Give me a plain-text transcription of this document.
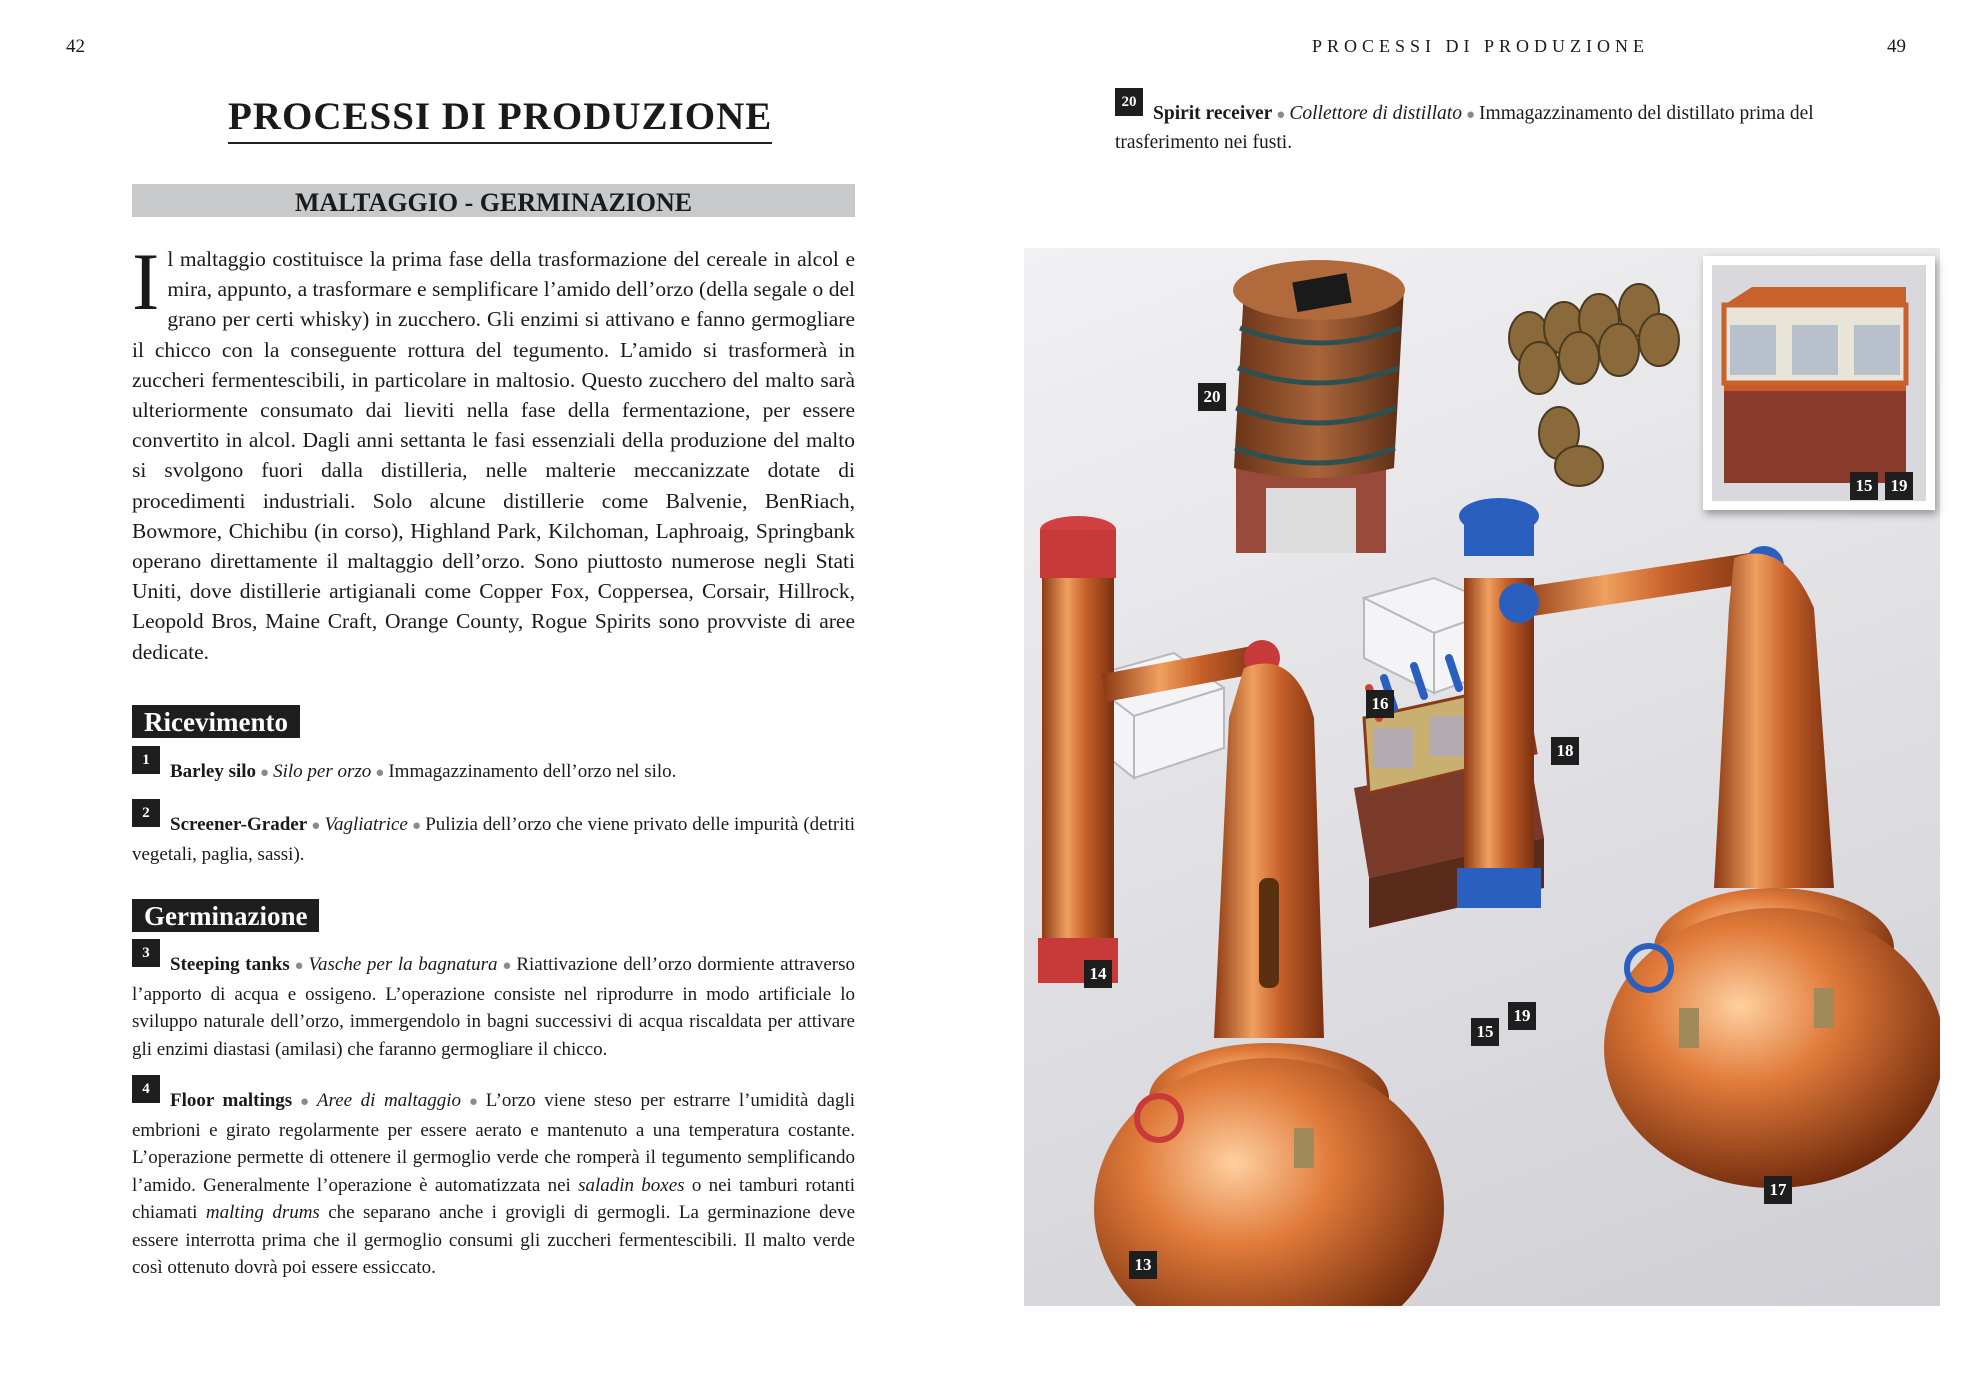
42
PROCESSI DI PRODUZIONE
MALTAGGIO - GERMINAZIONE

Il maltaggio costituisce la prima fase della trasformazione del cereale in alcol e mira, appunto, a trasformare e semplificare l’amido dell’orzo (della segale o del grano per certi whisky) in zucchero. Gli enzimi si attivano e fanno germogliare il chicco con la conseguente rottura del tegumento. L’amido si trasformerà in zuccheri fermentescibili, in particolare in maltosio. Questo zucchero del malto sarà ulteriormente consumato dai lieviti nella fase della fermentazione, per essere convertito in alcol. Dagli anni settanta le fasi essenziali della produzione del malto si svolgono fuori dalla distilleria, nelle malterie meccanizzate dotate di procedimenti industriali. Solo alcune distillerie come Balvenie, BenRiach, Bowmore, Chichibu (in corso), Highland Park, Kilchoman, Laphroaig, Springbank operano direttamente il maltaggio dell’orzo. Sono piuttosto numerose negli Stati Uniti, dove distillerie artigianali come Copper Fox, Coppersea, Corsair, Hillrock, Leopold Bros, Maine Craft, Orange County, Rogue Spirits sono provviste di aree dedicate.

Ricevimento

1Barley silo ● Silo per orzo ● Immagazzinamento dell’orzo nel silo.

2Screener-Grader ● Vagliatrice ● Pulizia dell’orzo che viene privato delle impurità (detriti vegetali, paglia, sassi).

Germinazione

3Steeping tanks ● Vasche per la bagnatura ● Riattivazione dell’orzo dormiente attraverso l’apporto di acqua e ossigeno. L’operazione consiste nel riprodurre in modo artificiale lo sviluppo naturale dell’orzo, immergendolo in bagni successivi di acqua riscaldata per attivare gli enzimi diastasi (amilasi) che faranno germogliare il chicco.

4Floor maltings ● Aree di maltaggio ● L’orzo viene steso per estrarre l’umidità dagli embrioni e girato regolarmente per essere aerato e mantenuto a una temperatura costante. L’operazione permette di ottenere il germoglio verde che romperà il tegumento semplificando l’amido. Generalmente l’operazione è automatizzata nei saladin boxes o nei tamburi rotanti chiamati malting drums che separano anche i grovigli di germogli. La germinazione deve essere interrotta prima che il germoglio consumi gli zuccheri fermentescibili. Il malto verde così ottenuto dovrà poi essere essiccato.

PROCESSI DI PRODUZIONE	49

20Spirit receiver ● Collettore di distillato ● Immagazzinamento del distillato prima del trasferimento nei fusti.

20
16
18
14
15
19
17
13
15	19
